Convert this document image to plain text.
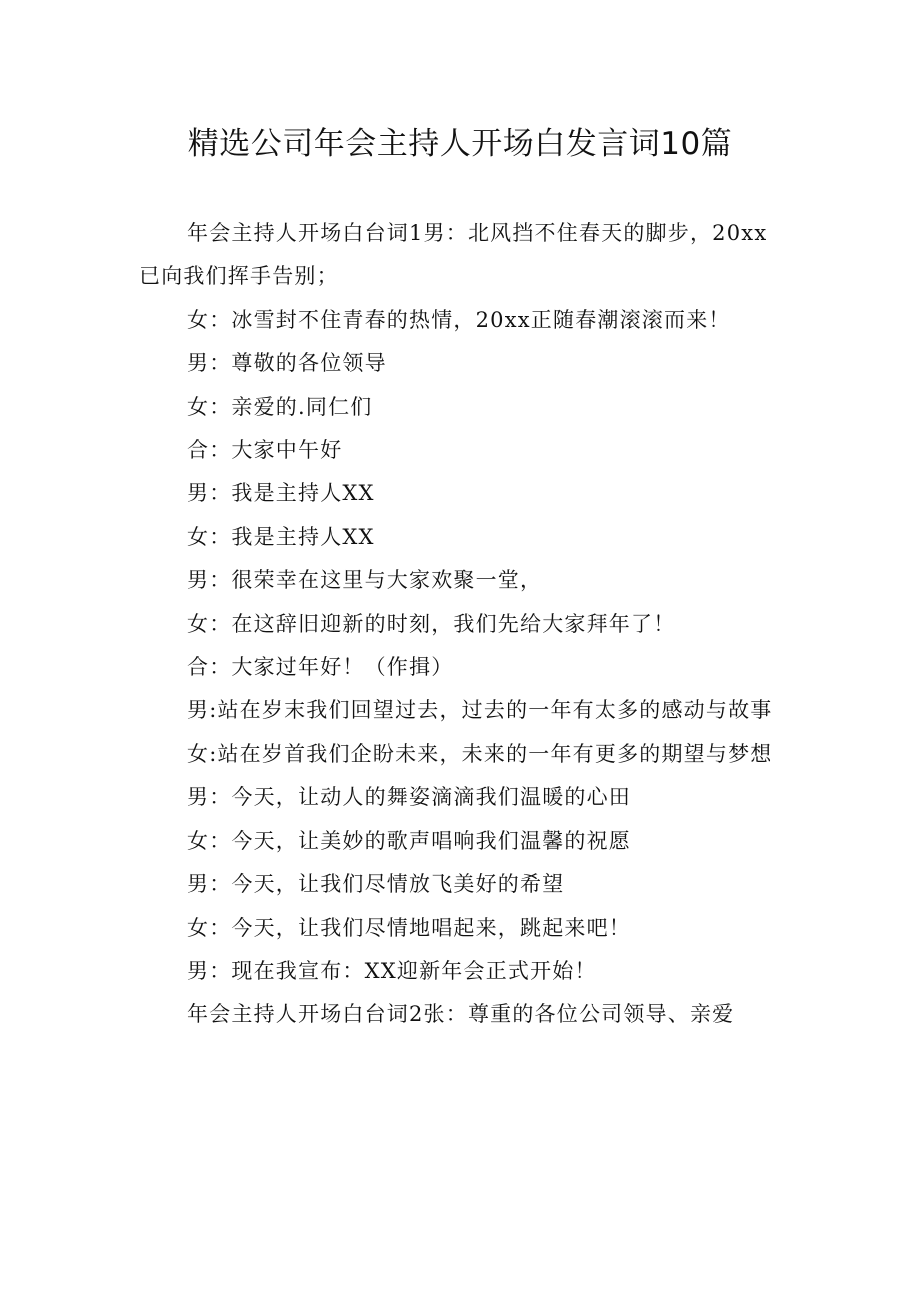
精选公司年会主持人开场白发言词10篇

年会主持人开场白台词1男：北风挡不住春天的脚步，20xx已向我们挥手告别；

女：冰雪封不住青春的热情，20xx正随春潮滚滚而来！

男：尊敬的各位领导

女：亲爱的.同仁们

合：大家中午好

男：我是主持人XX

女：我是主持人XX

男：很荣幸在这里与大家欢聚一堂，

女：在这辞旧迎新的时刻，我们先给大家拜年了！

合：大家过年好！（作揖）

男:站在岁末我们回望过去，过去的一年有太多的感动与故事

女:站在岁首我们企盼未来，未来的一年有更多的期望与梦想

男：今天，让动人的舞姿滴滴我们温暖的心田

女：今天，让美妙的歌声唱响我们温馨的祝愿

男：今天，让我们尽情放飞美好的希望

女：今天，让我们尽情地唱起来，跳起来吧！

男：现在我宣布：XX迎新年会正式开始！

年会主持人开场白台词2张：尊重的各位公司领导、亲爱
